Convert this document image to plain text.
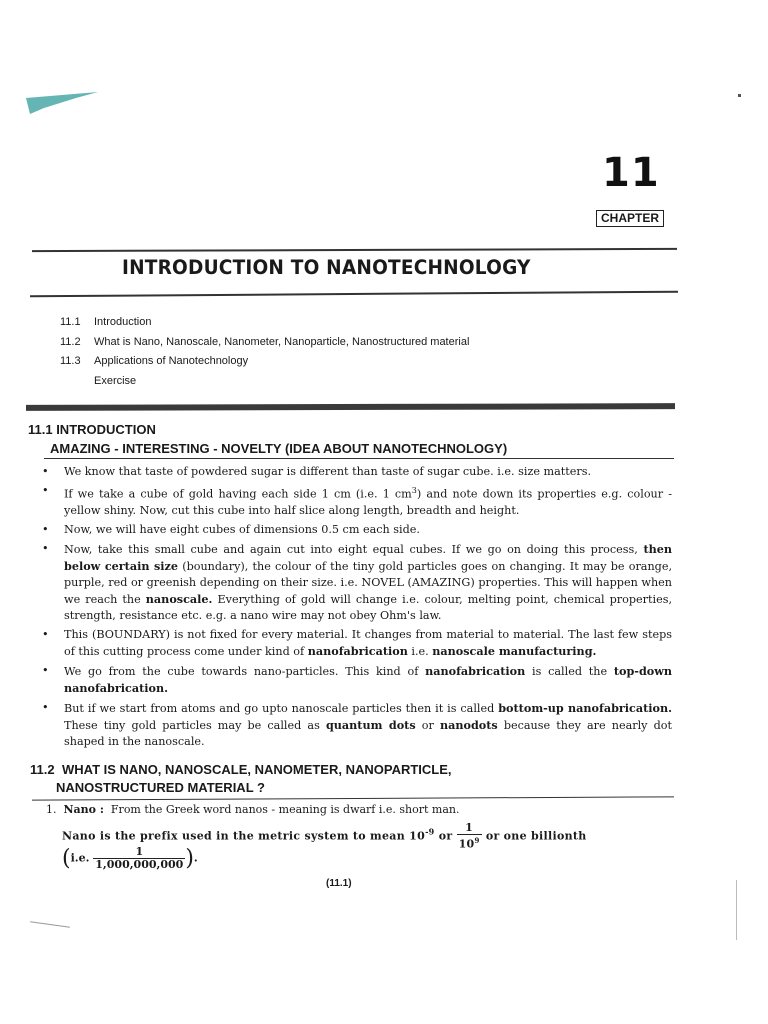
11
CHAPTER
INTRODUCTION TO NANOTECHNOLOGY
11.1	Introduction
11.2	What is Nano, Nanoscale, Nanometer, Nanoparticle, Nanostructured material
11.3	Applications of Nanotechnology
Exercise
11.1 INTRODUCTION
AMAZING - INTERESTING - NOVELTY (IDEA ABOUT NANOTECHNOLOGY)
• We know that taste of powdered sugar is different than taste of sugar cube. i.e. size matters.
• If we take a cube of gold having each side 1 cm (i.e. 1 $cm^3$) and note down its properties e.g. colour - yellow shiny. Now, cut this cube into half slice along length, breadth and height.
• Now, we will have eight cubes of dimensions 0.5 cm each side.
• Now, take this small cube and again cut into eight equal cubes. If we go on doing this process, then below certain size (boundary), the colour of the tiny gold particles goes on changing. It may be orange, purple, red or greenish depending on their size. i.e. NOVEL (AMAZING) properties. This will happen when we reach the nanoscale. Everything of gold will change i.e. colour, melting point, chemical properties, strength, resistance etc. e.g. a nano wire may not obey Ohm's law.
• This (BOUNDARY) is not fixed for every material. It changes from material to material. The last few steps of this cutting process come under kind of nanofabrication i.e. nanoscale manufacturing.
• We go from the cube towards nano-particles. This kind of nanofabrication is called the top-down nanofabrication.
• But if we start from atoms and go upto nanoscale particles then it is called bottom-up nanofabrication. These tiny gold particles may be called as quantum dots or nanodots because they are nearly dot shaped in the nanoscale.
11.2 WHAT IS NANO, NANOSCALE, NANOMETER, NANOPARTICLE,
NANOSTRUCTURED MATERIAL ?
1. Nano : From the Greek word nanos - meaning is dwarf i.e. short man.
Nano is the prefix used in the metric system to mean $10^{-9}$ or $\frac{1}{10^9}$ or one billionth
(i.e. $\frac{1}{1,000,000,000}$ ).
(11.1)
